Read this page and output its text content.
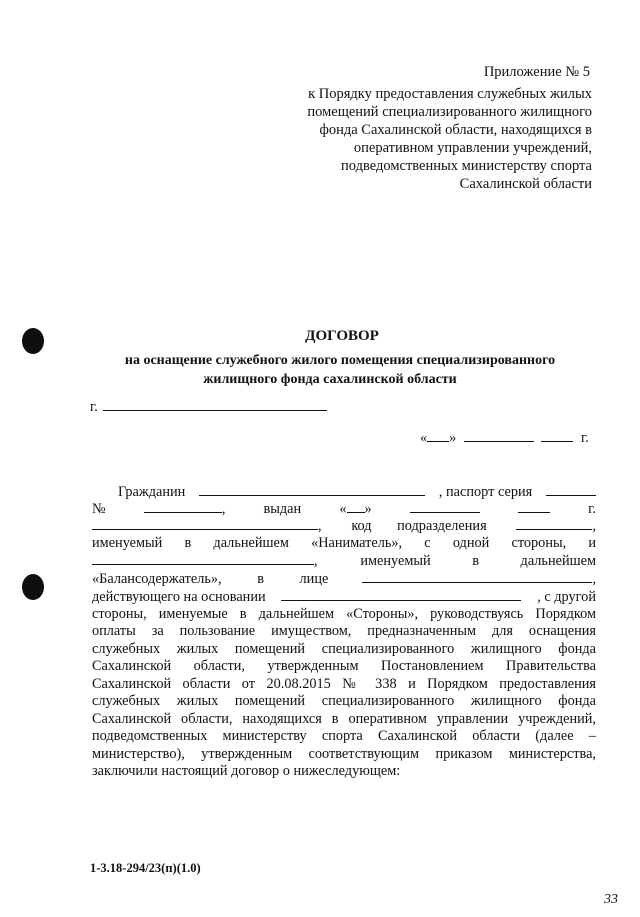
Приложение № 5
к Порядку предоставления служебных жилых
помещений специализированного жилищного
фонда Сахалинской области, находящихся в
оперативном управлении учреждений,
подведомственных министерству спорта
Сахалинской области
ДОГОВОР
на оснащение служебного жилого помещения специализированного
жилищного фонда сахалинской области
г.
« »	г.
Гражданин	, паспорт серия
№	,	выдан	« »	г.
, код подразделения	,
именуемый в дальнейшем «Наниматель», с одной стороны, и
,	именуемый в дальнейшем
«Балансодержатель», в лице	,
действующего на основании	, с другой
стороны, именуемые в дальнейшем «Стороны», руководствуясь Порядком
оплаты за пользование имуществом, предназначенным для оснащения
служебных жилых помещений специализированного жилищного фонда
Сахалинской области, утвержденным Постановлением Правительства
Сахалинской области от 20.08.2015 № 338 и Порядком предоставления
служебных жилых помещений специализированного жилищного фонда
Сахалинской области, находящихся в оперативном управлении учреждений,
подведомственных министерству спорта Сахалинской области (далее –
министерство), утвержденным соответствующим приказом министерства,
заключили настоящий договор о нижеследующем:
1-3.18-294/23(п)(1.0)
33
